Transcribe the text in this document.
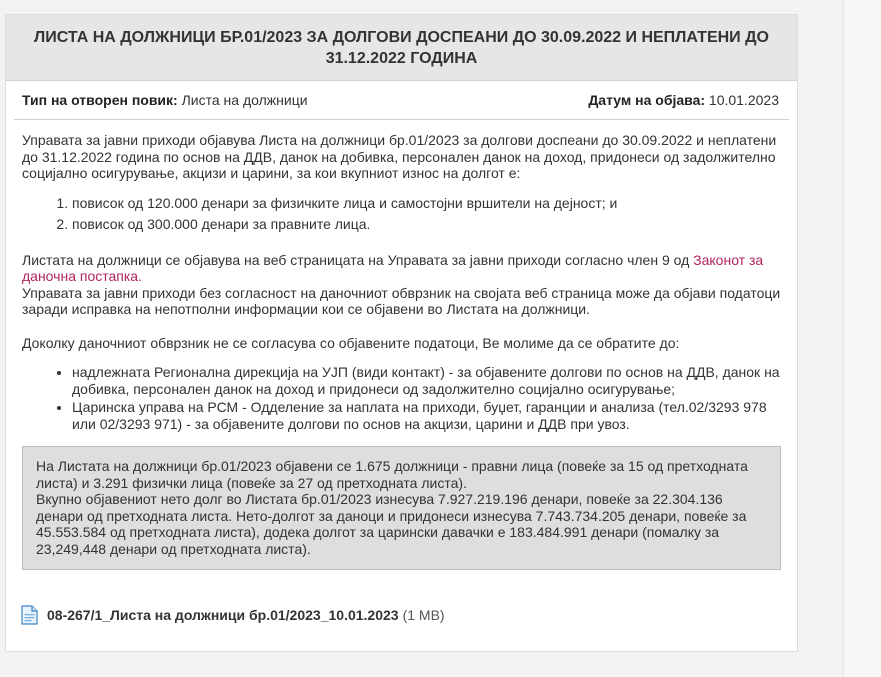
ЛИСТА НА ДОЛЖНИЦИ БР.01/2023 ЗА ДОЛГОВИ ДОСПЕАНИ ДО 30.09.2022 И НЕПЛАТЕНИ ДО 31.12.2022 ГОДИНА
Тип на отворен повик: Листа на должници	Датум на објава: 10.01.2023

Управата за јавни приходи објавува Листа на должници бр.01/2023 за долгови доспеани до 30.09.2022 и неплатени до 31.12.2022 година по основ на ДДВ, данок на добивка, персонален данок на доход, придонеси од задолжително социјално осигурување, акцизи и царини, за кои вкупниот износ на долгот е:

1. повисок од 120.000 денари за физичките лица и самостојни вршители на дејност; и
2. повисок од 300.000 денари за правните лица.

Листата на должници се објавува на веб страницата на Управата за јавни приходи согласно член 9 од Законот за даночна постапка.

Управата за јавни приходи без согласност на даночниот обврзник на својата веб страница може да објави податоци заради исправка на непотполни информации кои се објавени во Листата на должници.

Доколку даночниот обврзник не се согласува со објавените податоци, Ве молиме да се обратите до:

• надлежната Регионална дирекција на УЈП (види контакт) - за објавените долгови по основ на ДДВ, данок на добивка, персонален данок на доход и придонеси од задолжително социјално осигурување;
• Царинска управа на РСМ - Одделение за наплата на приходи, буџет, гаранции и анализа (тел.02/3293 978 или 02/3293 971) - за објавените долгови по основ на акцизи, царини и ДДВ при увоз.
На Листата на должници бр.01/2023 објавени се 1.675 должници - правни лица (повеќе за 15 од претходната листа) и 3.291 физички лица (повеќе за 27 од претходната листа).
Вкупно објавениот нето долг во Листата бр.01/2023 изнесува 7.927.219.196 денари, повеќе за 22.304.136 денари од претходната листа. Нето-долгот за даноци и придонеси изнесува 7.743.734.205 денари, повеќе за 45.553.584 од претходната листа), додека долгот за царински давачки е 183.484.991 денари (помалку за 23,249,448 денари од претходната листа).
08-267/1_Листа на должници бр.01/2023_10.01.2023 (1 MB)
